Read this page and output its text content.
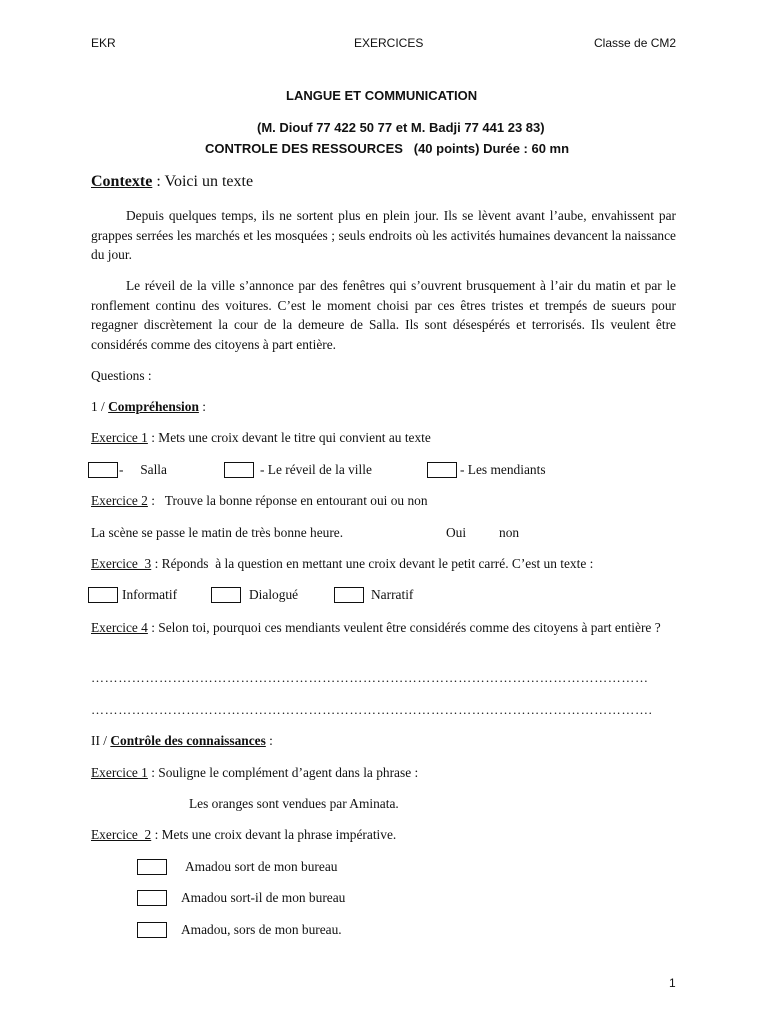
EKR	EXERCICES	Classe de CM2
LANGUE ET COMMUNICATION
(M. Diouf 77 422 50 77 et M. Badji 77 441 23 83)
CONTROLE DES RESSOURCES   (40 points) Durée : 60 mn
Contexte : Voici un texte
Depuis quelques temps, ils ne sortent plus en plein jour. Ils se lèvent avant l’aube, envahissent par grappes serrées les marchés et les mosquées ; seuls endroits où les activités humaines devancent la naissance du jour.
Le réveil de la ville s’annonce par des fenêtres qui s’ouvrent brusquement à l’air du matin et par le ronflement continu des voitures. C’est le moment choisi par ces êtres tristes et trempés de sueurs pour regagner discrètement la cour de la demeure de Salla. Ils sont désespérés et terrorisés. Ils veulent être considérés comme des citoyens à part entière.
Questions :
1 / Compréhension :
Exercice 1 : Mets une croix devant le titre qui convient au texte
-     Salla	- Le réveil de la ville	- Les mendiants
Exercice 2 :   Trouve la bonne réponse en entourant oui ou non
La scène se passe le matin de très bonne heure.	Oui non
Exercice  3 : Réponds  à la question en mettant une croix devant le petit carré. C’est un texte :
Informatif	Dialogué	Narratif
Exercice 4 : Selon toi, pourquoi ces mendiants veulent être considérés comme des citoyens à part entière ?
……………………………………………………………………………………………………………
…………………………………………………………………………………………………………….
II / Contrôle des connaissances :
Exercice 1 : Souligne le complément d’agent dans la phrase :
Les oranges sont vendues par Aminata.
Exercice  2 : Mets une croix devant la phrase impérative.
Amadou sort de mon bureau
Amadou sort-il de mon bureau
Amadou, sors de mon bureau.
1
